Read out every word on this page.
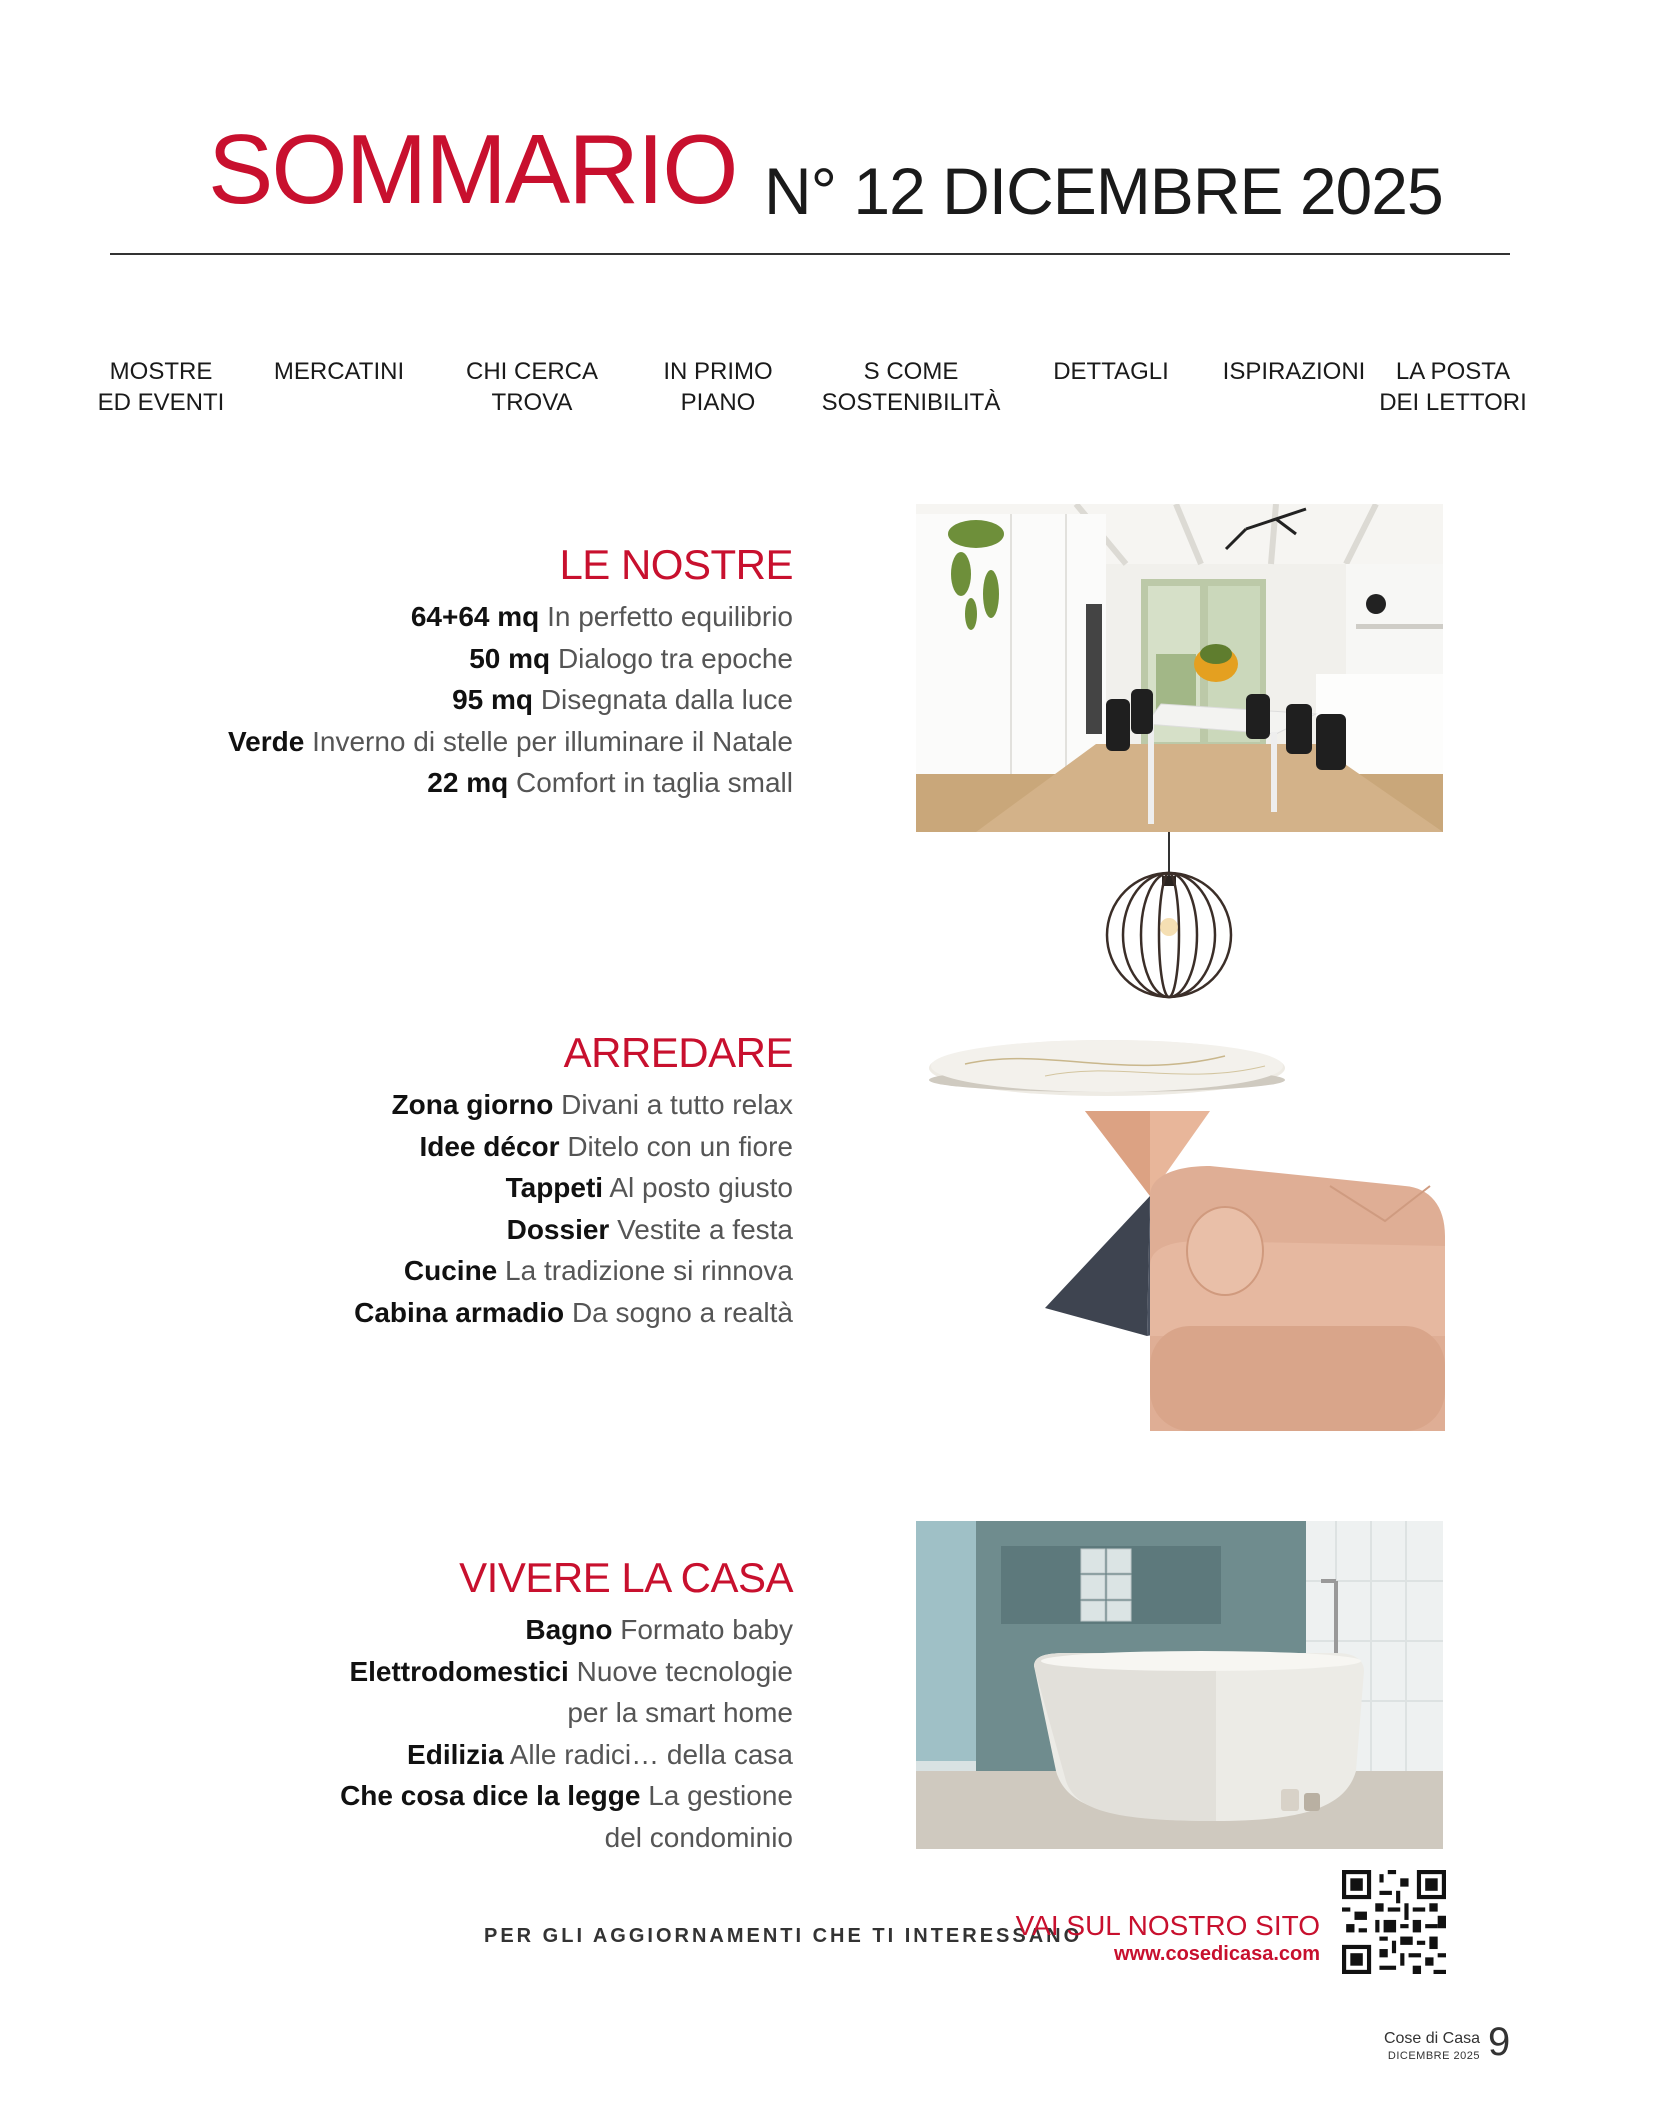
SOMMARIO N° 12 DICEMBRE 2025
MOSTRE
ED EVENTI
MERCATINI	CHI CERCA
TROVA
IN PRIMO
PIANO
S COME
SOSTENIBILITÀ
DETTAGLI	ISPIRAZIONI	LA POSTA
DEI LETTORI
LE NOSTRE
64+64 mq In perfetto equilibrio
50 mq Dialogo tra epoche
95 mq Disegnata dalla luce
Verde Inverno di stelle per illuminare il Natale
22 mq Comfort in taglia small
ARREDARE
Zona giorno Divani a tutto relax
Idee décor Ditelo con un fiore
Tappeti Al posto giusto
Dossier Vestite a festa
Cucine La tradizione si rinnova
Cabina armadio Da sogno a realtà
VIVERE LA CASA
Bagno Formato baby
Elettrodomestici Nuove tecnologie
per la smart home
Edilizia Alle radici… della casa
Che cosa dice la legge La gestione
del condominio
PER GLI AGGIORNAMENTI CHE TI INTERESSANO
VAI SUL NOSTRO SITO
www.cosedicasa.com
Cose di Casa
DICEMBRE 2025 9
